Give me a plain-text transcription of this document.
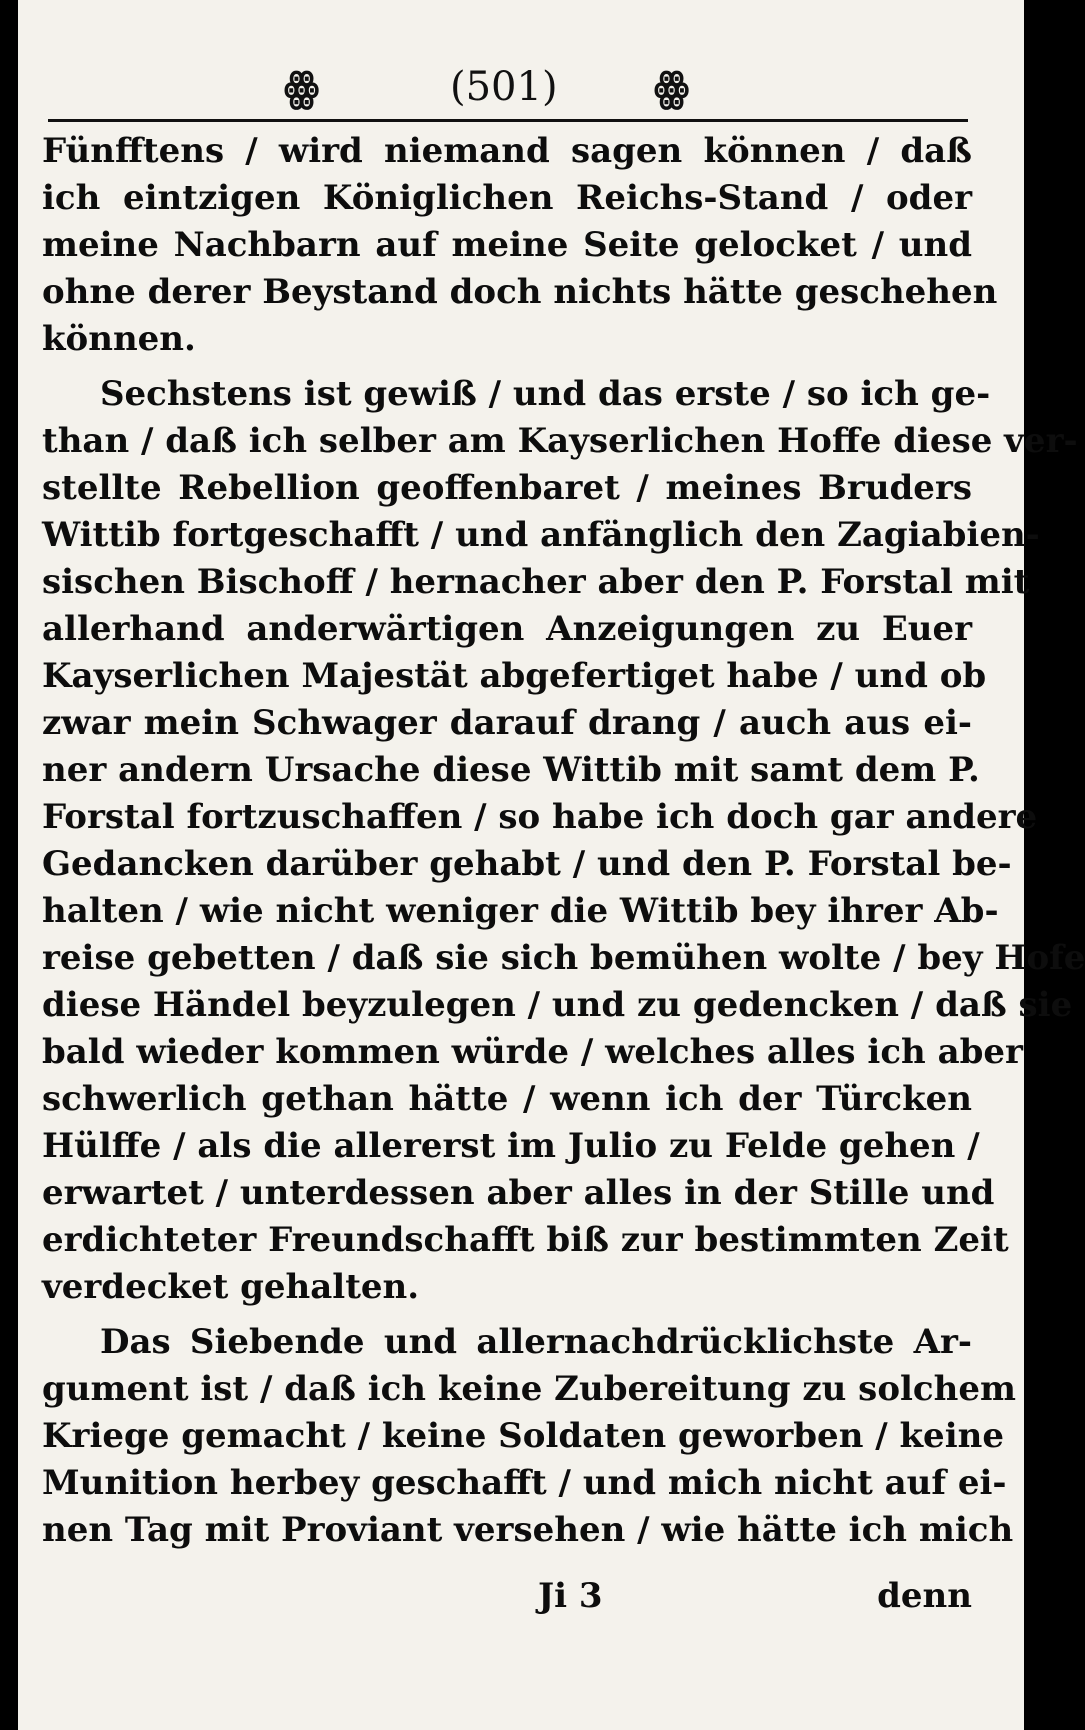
ꙮ	(501) ꙮ
Fünfftens / wird niemand sagen können / daß
ich eintzigen Königlichen Reichs-Stand / oder
meine Nachbarn auf meine Seite gelocket / und
ohne derer Beystand doch nichts hätte geschehen
können.
Sechstens ist gewiß / und das erste / so ich ge-
than / daß ich selber am Kayserlichen Hoffe diese ver-
stellte Rebellion geoffenbaret / meines Bruders
Wittib fortgeschafft / und anfänglich den Zagiabien-
sischen Bischoff / hernacher aber den P. Forstal mit
allerhand anderwärtigen Anzeigungen zu Euer
Kayserlichen Majestät abgefertiget habe / und ob
zwar mein Schwager darauf drang / auch aus ei-
ner andern Ursache diese Wittib mit samt dem P.
Forstal fortzuschaffen / so habe ich doch gar andere
Gedancken darüber gehabt / und den P. Forstal be-
halten / wie nicht weniger die Wittib bey ihrer Ab-
reise gebetten / daß sie sich bemühen wolte / bey Hofe
diese Händel beyzulegen / und zu gedencken / daß sie
bald wieder kommen würde / welches alles ich aber
schwerlich gethan hätte / wenn ich der Türcken
Hülffe / als die allererst im Julio zu Felde gehen /
erwartet / unterdessen aber alles in der Stille und
erdichteter Freundschafft biß zur bestimmten Zeit
verdecket gehalten.
Das Siebende und allernachdrücklichste Ar-
gument ist / daß ich keine Zubereitung zu solchem
Kriege gemacht / keine Soldaten geworben / keine
Munition herbey geschafft / und mich nicht auf ei-
nen Tag mit Proviant versehen / wie hätte ich mich
Ji 3	denn
